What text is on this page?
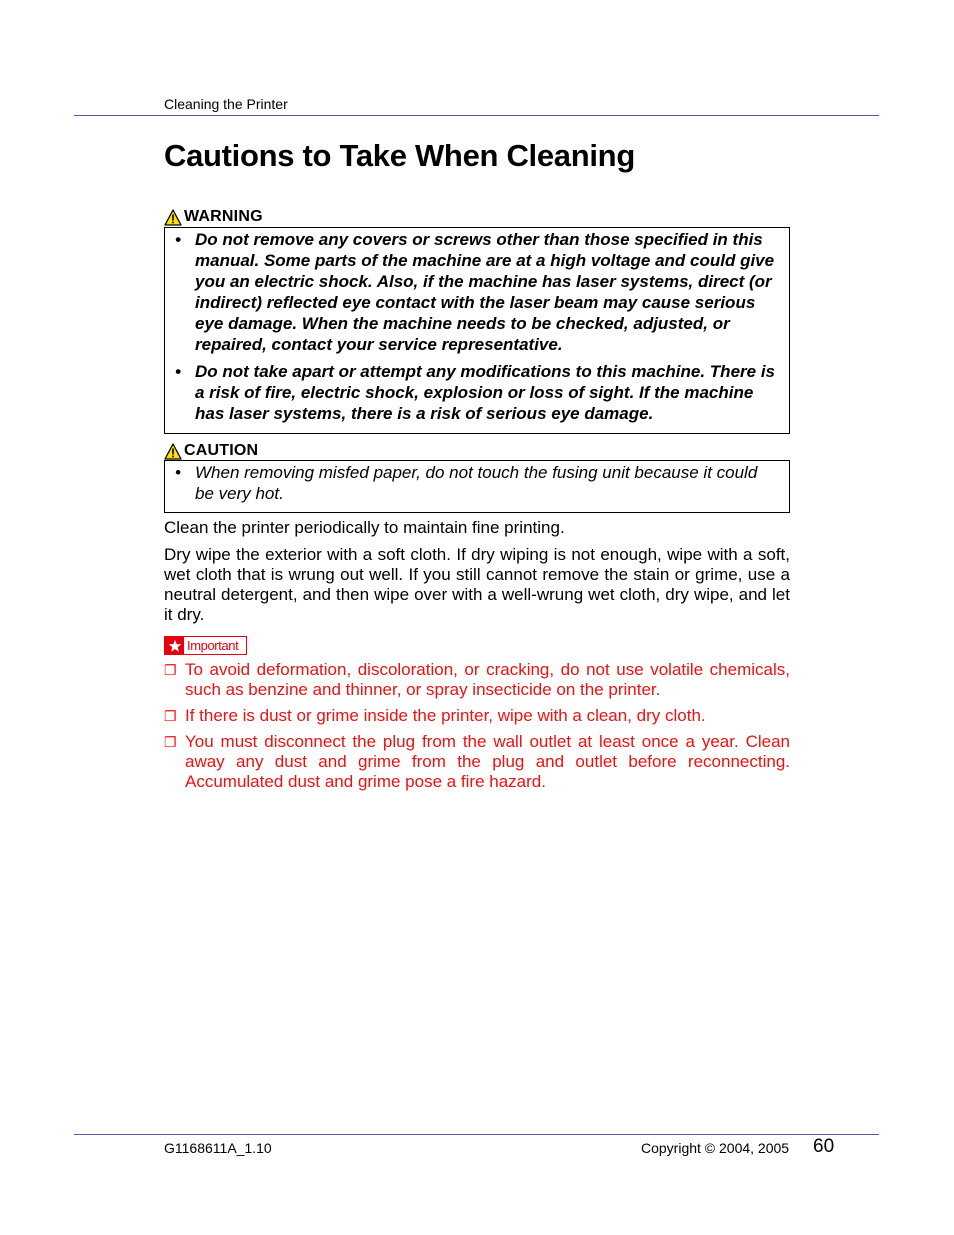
Cleaning the Printer
Cautions to Take When Cleaning
WARNING
• Do not remove any covers or screws other than those specified in this manual. Some parts of the machine are at a high voltage and could give you an electric shock. Also, if the machine has laser systems, direct (or indirect) reflected eye contact with the laser beam may cause serious eye damage. When the machine needs to be checked, adjusted, or repaired, contact your service representative.
• Do not take apart or attempt any modifications to this machine. There is a risk of fire, electric shock, explosion or loss of sight. If the machine has laser systems, there is a risk of serious eye damage.
CAUTION
• When removing misfed paper, do not touch the fusing unit because it could be very hot.

Clean the printer periodically to maintain fine printing.

Dry wipe the exterior with a soft cloth. If dry wiping is not enough, wipe with a soft, wet cloth that is wrung out well. If you still cannot remove the stain or grime, use a neutral detergent, and then wipe over with a well-wrung wet cloth, dry wipe, and let it dry.

Important
❒ To avoid deformation, discoloration, or cracking, do not use volatile chemicals, such as benzine and thinner, or spray insecticide on the printer.
❒ If there is dust or grime inside the printer, wipe with a clean, dry cloth.
❒ You must disconnect the plug from the wall outlet at least once a year. Clean away any dust and grime from the plug and outlet before reconnecting. Accumulated dust and grime pose a fire hazard.
G1168611A_1.10	Copyright © 2004, 2005 60
